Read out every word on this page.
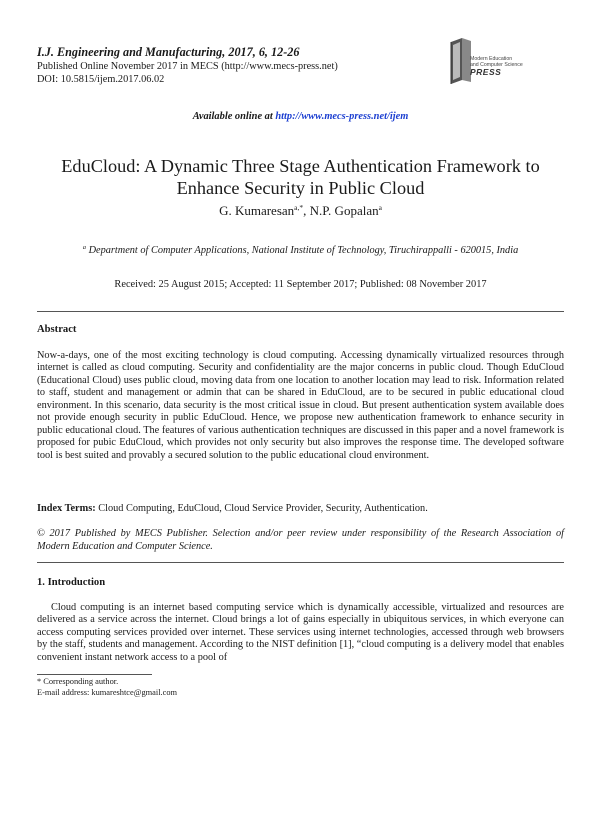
I.J. Engineering and Manufacturing, 2017, 6, 12-26
Published Online November 2017 in MECS (http://www.mecs-press.net)
DOI: 10.5815/ijem.2017.06.02
Modern Education
and Computer Science
PRESS
Available online at http://www.mecs-press.net/ijem
EduCloud: A Dynamic Three Stage Authentication Framework to
Enhance Security in Public Cloud
G. Kumaresan$^{a,*}$, N.P. Gopalan$^a$
$^a$ Department of Computer Applications, National Institute of Technology, Tiruchirappalli - 620015, India
Received: 25 August 2015; Accepted: 11 September 2017; Published: 08 November 2017
Abstract
Now-a-days, one of the most exciting technology is cloud computing. Accessing dynamically virtualized resources through internet is called as cloud computing. Security and confidentiality are the major concerns in public cloud. Though EduCloud (Educational Cloud) uses public cloud, moving data from one location to another location may lead to risk. Information related to staff, student and management or admin that can be shared in EduCloud, are to be secured in public educational cloud environment. In this scenario, data security is the most critical issue in cloud. But present authentication system available does not provide enough security in public EduCloud. Hence, we propose new authentication framework to enhance security in public educational cloud. The features of various authentication techniques are discussed in this paper and a novel framework is proposed for pubic EduCloud, which provides not only security but also improves the response time. The developed software tool is best suited and provably a secured solution to the public educational cloud environment.
Index Terms: Cloud Computing, EduCloud, Cloud Service Provider, Security, Authentication.
© 2017 Published by MECS Publisher. Selection and/or peer review under responsibility of the Research Association of Modern Education and Computer Science.
1. Introduction
Cloud computing is an internet based computing service which is dynamically accessible, virtualized and resources are delivered as a service across the internet. Cloud brings a lot of gains especially in ubiquitous services, in which everyone can access computing services provided over internet. These services using internet technologies, accessed through web browsers by the staff, students and management. According to the NIST definition [1], “cloud computing is a delivery model that enables convenient instant network access to a pool of
* Corresponding author.
E-mail address: kumareshtce@gmail.com
